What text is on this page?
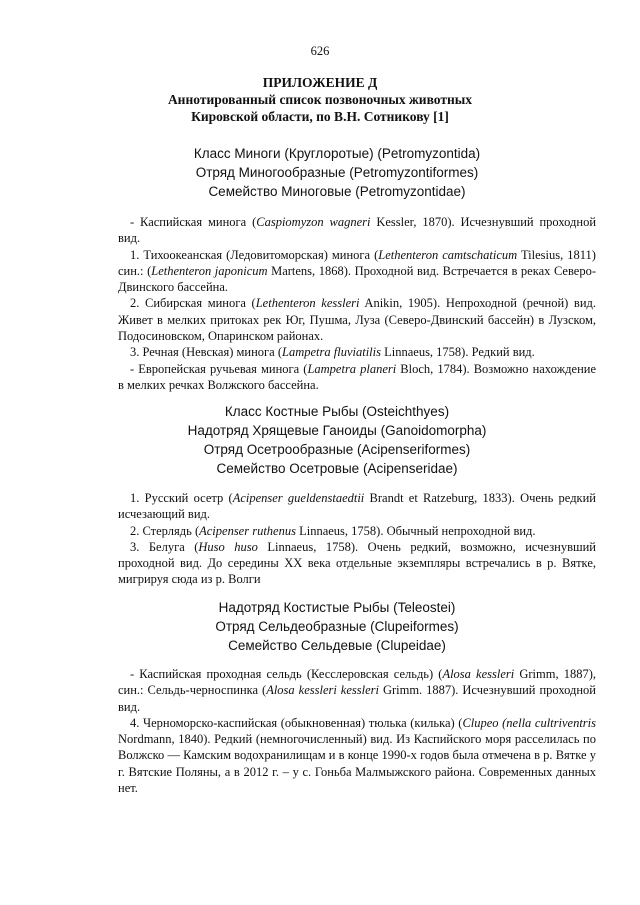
626
ПРИЛОЖЕНИЕ Д
Аннотированный список позвоночных животных
Кировской области, по В.Н. Сотникову [1]
Класс Миноги (Круглоротые) (Petromyzontida)
Отряд Миногообразные (Petromyzontiformes)
Семейство Миноговые (Petromyzontidae)

- Каспийская минога (Caspiomyzon wagneri Kessler, 1870). Исчезнувший проходной вид.

1. Тихоокеанская (Ледовитоморская) минога (Lethenteron camtschaticum Tilesius, 1811) син.: (Lethenteron japonicum Martens, 1868). Проходной вид. Встречается в реках Северо-Двинского бассейна.

2. Сибирская минога (Lethenteron kessleri Anikin, 1905). Непроходной (речной) вид. Живет в мелких притоках рек Юг, Пушма, Луза (Северо-Двинский бассейн) в Лузском, Подосиновском, Опаринском районах.

3. Речная (Невская) минога (Lampetra fluviatilis Linnaeus, 1758). Редкий вид.

- Европейская ручьевая минога (Lampetra planeri Bloch, 1784). Возможно нахождение в мелких речках Волжского бассейна.

Класс Костные Рыбы (Osteichthyes)
Надотряд Хрящевые Ганоиды (Ganoidomorpha)
Отряд Осетрообразные (Acipenseriformes)
Семейство Осетровые (Acipenseridae)

1. Русский осетр (Acipenser gueldenstaedtii Brandt et Ratzeburg, 1833). Очень редкий исчезающий вид.

2. Стерлядь (Acipenser ruthenus Linnaeus, 1758). Обычный непроходной вид.

3. Белуга (Huso huso Linnaeus, 1758). Очень редкий, возможно, исчезнувший проходной вид. До середины XX века отдельные экземпляры встречались в р. Вятке, мигрируя сюда из р. Волги

Надотряд Костистые Рыбы (Teleostei)
Отряд Сельдеобразные (Clupeiformes)
Семейство Сельдевые (Clupeidae)

- Каспийская проходная сельдь (Кесслеровская сельдь) (Alosa kessleri Grimm, 1887), син.: Сельдь-черноспинка (Alosa kessleri kessleri Grimm. 1887). Исчезнувший проходной вид.

4. Черноморско-каспийская (обыкновенная) тюлька (килька) (Clupeo (nella cultriventris Nordmann, 1840). Редкий (немногочисленный) вид. Из Каспийского моря расселилась по Волжско — Камским водохранилищам и в конце 1990-х годов была отмечена в р. Вятке у г. Вятские Поляны, а в 2012 г. – у с. Гоньба Малмыжского района. Современных данных нет.
